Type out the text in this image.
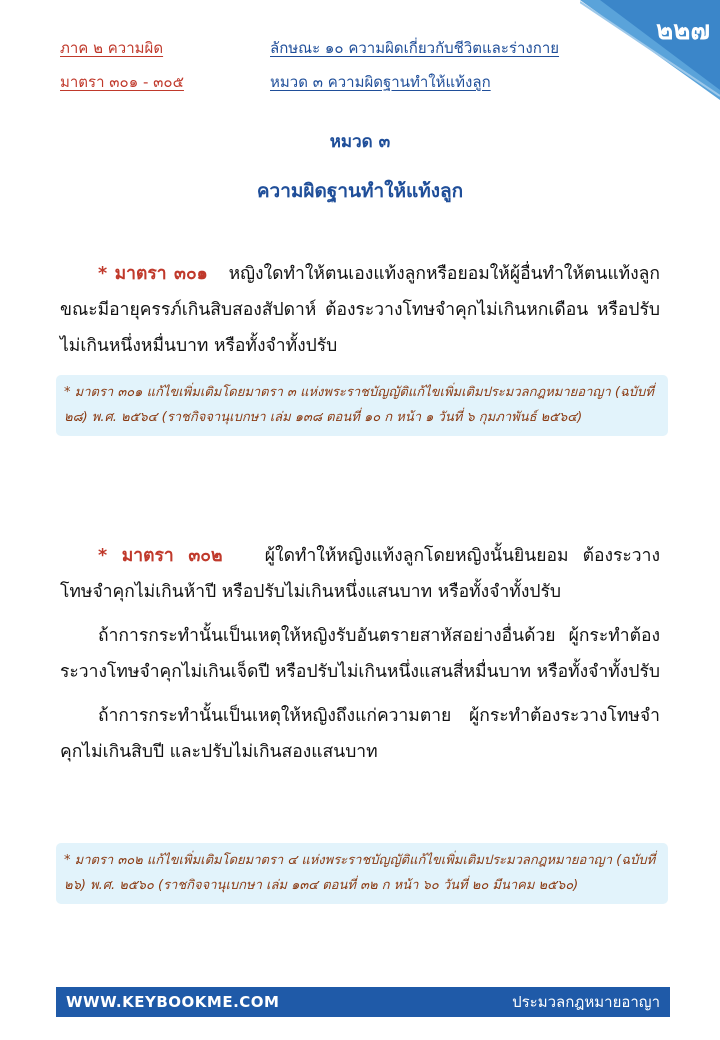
๒๒๗
ภาค ๒ ความผิด	ลักษณะ ๑๐ ความผิดเกี่ยวกับชีวิตและร่างกาย
มาตรา ๓๐๑ - ๓๐๕	หมวด ๓ ความผิดฐานทำให้แท้งลูก
หมวด ๓
ความผิดฐานทำให้แท้งลูก

* มาตรา ๓๐๑ หญิงใดทำให้ตนเองแท้งลูกหรือยอมให้ผู้อื่นทำให้ตนแท้งลูกขณะมีอายุครรภ์เกินสิบสองสัปดาห์ ต้องระวางโทษจำคุกไม่เกินหกเดือน หรือปรับไม่เกินหนึ่งหมื่นบาท หรือทั้งจำทั้งปรับ

* มาตรา ๓๐๑ แก้ไขเพิ่มเติมโดยมาตรา ๓ แห่งพระราชบัญญัติแก้ไขเพิ่มเติมประมวลกฎหมายอาญา (ฉบับที่ ๒๘) พ.ศ. ๒๕๖๔ (ราชกิจจานุเบกษา เล่ม ๑๓๘ ตอนที่ ๑๐ ก หน้า ๑ วันที่ ๖ กุมภาพันธ์ ๒๕๖๔)

* มาตรา ๓๐๒ ผู้ใดทำให้หญิงแท้งลูกโดยหญิงนั้นยินยอม ต้องระวางโทษจำคุกไม่เกินห้าปี หรือปรับไม่เกินหนึ่งแสนบาท หรือทั้งจำทั้งปรับ

ถ้าการกระทำนั้นเป็นเหตุให้หญิงรับอันตรายสาหัสอย่างอื่นด้วย ผู้กระทำต้องระวางโทษจำคุกไม่เกินเจ็ดปี หรือปรับไม่เกินหนึ่งแสนสี่หมื่นบาท หรือทั้งจำทั้งปรับ

ถ้าการกระทำนั้นเป็นเหตุให้หญิงถึงแก่ความตาย ผู้กระทำต้องระวางโทษจำคุกไม่เกินสิบปี และปรับไม่เกินสองแสนบาท

* มาตรา ๓๐๒ แก้ไขเพิ่มเติมโดยมาตรา ๔ แห่งพระราชบัญญัติแก้ไขเพิ่มเติมประมวลกฎหมายอาญา (ฉบับที่ ๒๖) พ.ศ. ๒๕๖๐ (ราชกิจจานุเบกษา เล่ม ๑๓๔ ตอนที่ ๓๒ ก หน้า ๖๐ วันที่ ๒๐ มีนาคม ๒๕๖๐)
WWW.KEYBOOKME.COM	ประมวลกฎหมายอาญา
